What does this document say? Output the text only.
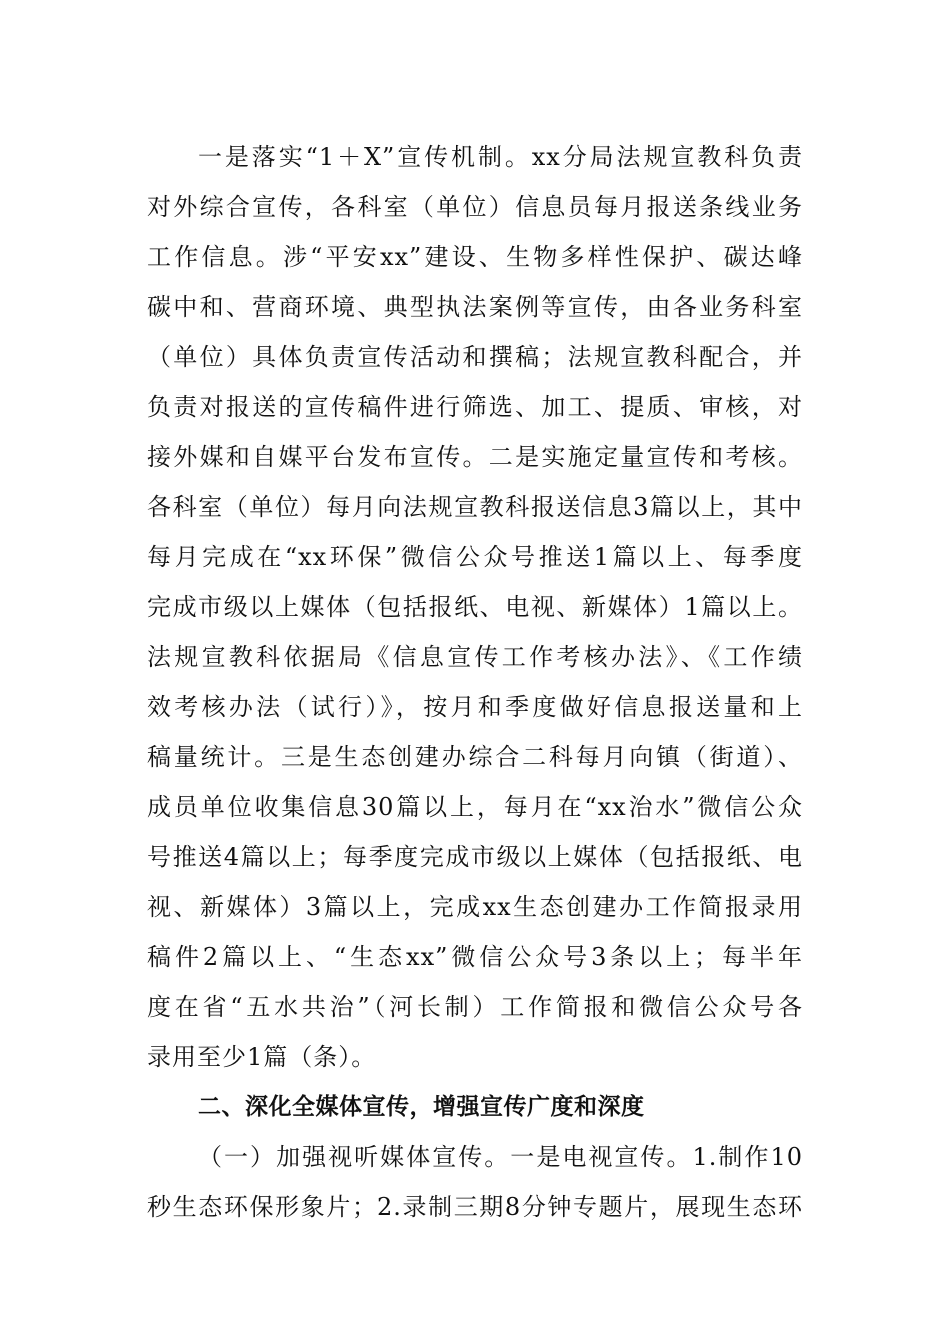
一是落实“1＋X”宣传机制。xx分局法规宣教科负责
对外综合宣传，各科室（单位）信息员每月报送条线业务
工作信息。涉“平安xx”建设、生物多样性保护、碳达峰
碳中和、营商环境、典型执法案例等宣传，由各业务科室
（单位）具体负责宣传活动和撰稿；法规宣教科配合，并
负责对报送的宣传稿件进行筛选、加工、提质、审核，对
接外媒和自媒平台发布宣传。二是实施定量宣传和考核。
各科室（单位）每月向法规宣教科报送信息3篇以上，其中
每月完成在“xx环保”微信公众号推送1篇以上、每季度
完成市级以上媒体（包括报纸、电视、新媒体）1篇以上。
法规宣教科依据局《信息宣传工作考核办法》、《工作绩
效考核办法（试行）》，按月和季度做好信息报送量和上
稿量统计。三是生态创建办综合二科每月向镇（街道）、
成员单位收集信息30篇以上，每月在“xx治水”微信公众
号推送4篇以上；每季度完成市级以上媒体（包括报纸、电
视、新媒体）3篇以上，完成xx生态创建办工作简报录用
稿件2篇以上、“生态xx”微信公众号3条以上；每半年
度在省“五水共治”（河长制）工作简报和微信公众号各
录用至少1篇（条）。
二、深化全媒体宣传，增强宣传广度和深度
（一）加强视听媒体宣传。一是电视宣传。1.制作10
秒生态环保形象片；2.录制三期8分钟专题片，展现生态环
